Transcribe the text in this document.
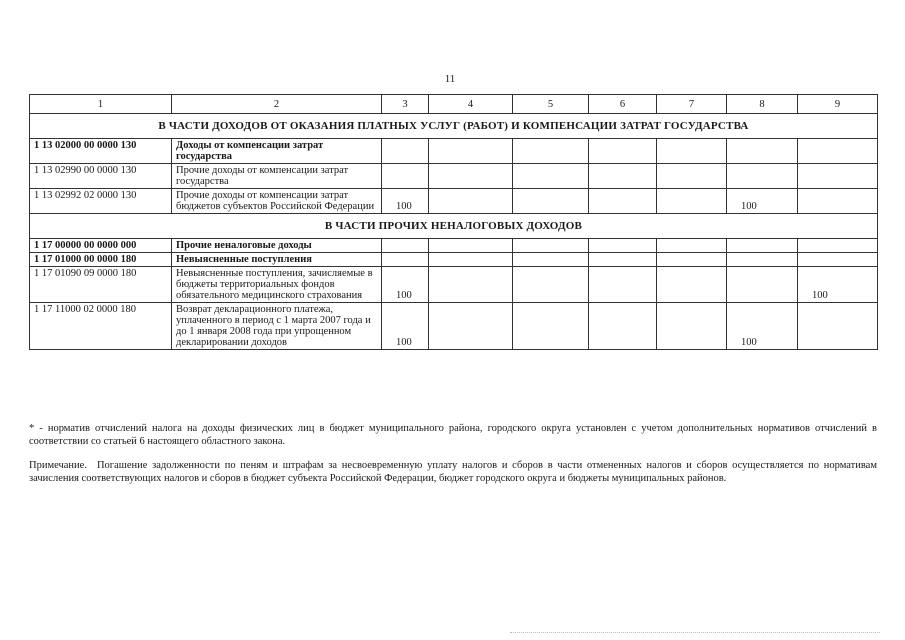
11
1	2	3	4	5	6	7	8	9
В ЧАСТИ ДОХОДОВ ОТ ОКАЗАНИЯ ПЛАТНЫХ УСЛУГ (РАБОТ) И КОМПЕНСАЦИИ ЗАТРАТ ГОСУДАРСТВА								
1 13 02000 00 0000 130	Доходы от компенсации затрат государства							
1 13 02990 00 0000 130	Прочие доходы от компенсации затрат государства							
1 13 02992 02 0000 130	Прочие доходы от компенсации затрат бюджетов субъектов Российской Федерации	100					100	
В ЧАСТИ ПРОЧИХ НЕНАЛОГОВЫХ ДОХОДОВ								
1 17 00000 00 0000 000	Прочие неналоговые доходы							
1 17 01000 00 0000 180	Невыясненные поступления							
1 17 01090 09 0000 180	Невыясненные поступления, зачисляемые в бюджеты территориальных фондов обязательного медицинского страхования	100						100
1 17 11000 02 0000 180	Возврат декларационного платежа, уплаченного в период с 1 марта 2007 года и до 1 января 2008 года при упрощенном декларировании доходов	100					100	
* - норматив отчислений налога на доходы физических лиц в бюджет муниципального района, городского округа установлен с учетом дополнительных нормативов отчислений в соответствии со статьей 6 настоящего областного закона.
Примечание. Погашение задолженности по пеням и штрафам за несвоевременную уплату налогов и сборов в части отмененных налогов и сборов осуществляется по нормативам зачисления соответствующих налогов и сборов в бюджет субъекта Российской Федерации, бюджет городского округа и бюджеты муниципальных районов.
